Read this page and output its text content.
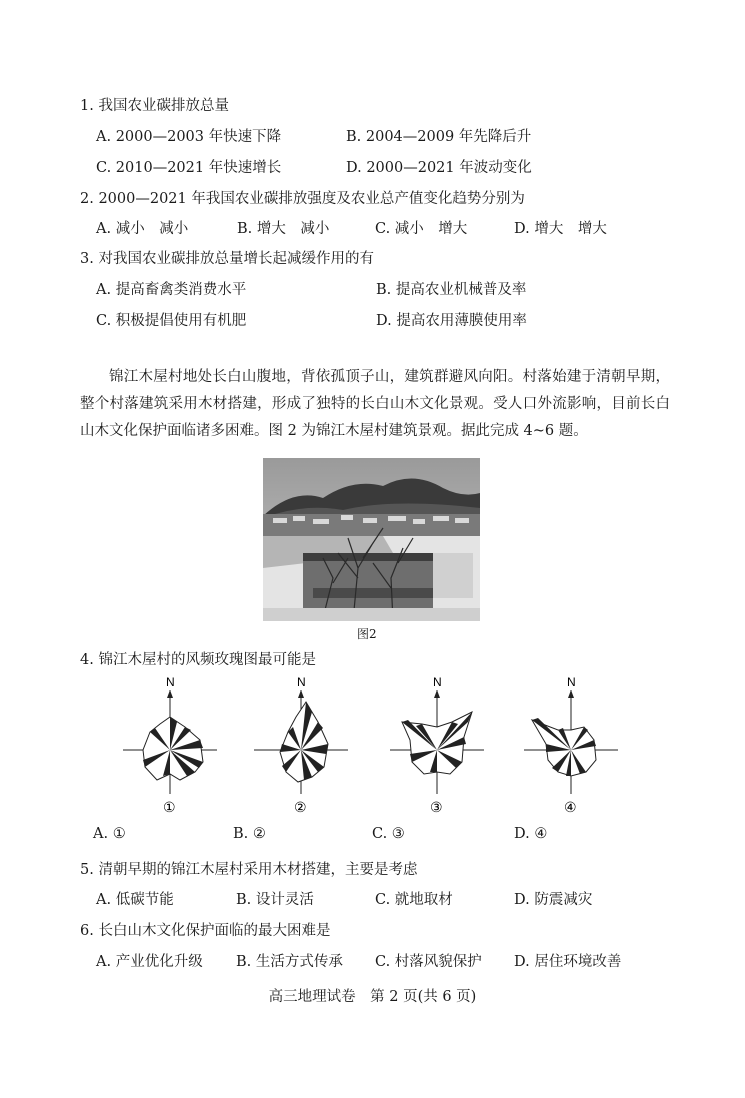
1. 我国农业碳排放总量
A. 2000—2003 年快速下降	B. 2004—2009 年先降后升
C. 2010—2021 年快速增长	D. 2000—2021 年波动变化
2. 2000—2021 年我国农业碳排放强度及农业总产值变化趋势分别为
A. 减小　减小	B. 增大　减小	C. 减小　增大	D. 增大　增大
3. 对我国农业碳排放总量增长起减缓作用的有
A. 提高畜禽类消费水平	B. 提高农业机械普及率
C. 积极提倡使用有机肥	D. 提高农用薄膜使用率

锦江木屋村地处长白山腹地，背依孤顶子山，建筑群避风向阳。村落始建于清朝早期，整个村落建筑采用木材搭建，形成了独特的长白山木文化景观。受人口外流影响，目前长白山木文化保护面临诸多困难。图 2 为锦江木屋村建筑景观。据此完成 4~6 题。

图2
4. 锦江木屋村的风频玫瑰图最可能是
N
①
N
②
N
③
N
④
A. ①	B. ②	C. ③	D. ④
5. 清朝早期的锦江木屋村采用木材搭建，主要是考虑
A. 低碳节能	B. 设计灵活	C. 就地取材	D. 防震减灾
6. 长白山木文化保护面临的最大困难是
A. 产业优化升级 B. 生活方式传承 C. 村落风貌保护 D. 居住环境改善
高三地理试卷　第 2 页(共 6 页)
